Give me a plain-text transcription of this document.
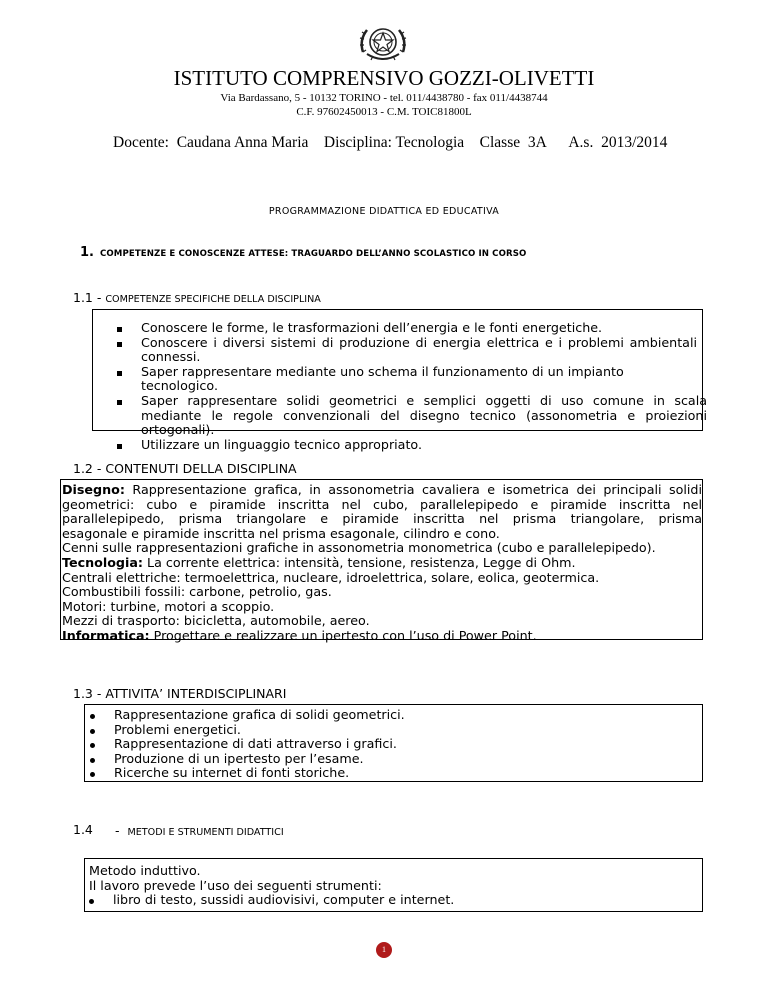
ISTITUTO COMPRENSIVO GOZZI-OLIVETTI
Via Bardassano, 5 - 10132 TORINO - tel. 011/4438780 - fax 011/4438744
C.F. 97602450013 - C.M. TOIC81800L
Docente:  Caudana Anna Maria    Disciplina: Tecnologia    Classe  3A      A.s.  2013/2014
PROGRAMMAZIONE DIDATTICA ED EDUCATIVA
1. COMPETENZE E CONOSCENZE ATTESE: TRAGUARDO DELL’ANNO SCOLASTICO IN CORSO
1.1 - COMPETENZE SPECIFICHE DELLA DISCIPLINA
Conoscere le forme, le trasformazioni dell’energia e le fonti energetiche.
Conoscere i diversi sistemi di produzione di energia elettrica e i problemi ambientali connessi.
Saper rappresentare mediante uno schema il funzionamento di un impianto tecnologico.
Saper rappresentare solidi geometrici e semplici oggetti di uso comune in scala mediante le regole convenzionali del disegno tecnico (assonometria e proiezioni ortogonali).
Utilizzare un linguaggio tecnico appropriato.
1.2 - CONTENUTI DELLA DISCIPLINA
Disegno: Rappresentazione grafica, in assonometria cavaliera e isometrica dei principali solidi
geometrici: cubo e piramide inscritta nel cubo, parallelepipedo e piramide inscritta nel
parallelepipedo, prisma triangolare e piramide inscritta nel prisma triangolare, prisma
esagonale e piramide inscritta nel prisma esagonale, cilindro e cono.
Cenni sulle rappresentazioni grafiche in assonometria monometrica (cubo e parallelepipedo).
Tecnologia: La corrente elettrica: intensità, tensione, resistenza, Legge di Ohm.
Centrali elettriche: termoelettrica, nucleare, idroelettrica, solare, eolica, geotermica.
Combustibili fossili: carbone, petrolio, gas.
Motori: turbine, motori a scoppio.
Mezzi di trasporto: bicicletta, automobile, aereo.
Informatica: Progettare e realizzare un ipertesto con l’uso di Power Point.
1.3 - ATTIVITA’ INTERDISCIPLINARI
Rappresentazione grafica di solidi geometrici.
Problemi energetici.
Rappresentazione di dati attraverso i grafici.
Produzione di un ipertesto per l’esame.
Ricerche su internet di fonti storiche.
1.4 - METODI E STRUMENTI DIDATTICI
Metodo induttivo.
Il lavoro prevede l’uso dei seguenti strumenti:
libro di testo, sussidi audiovisivi, computer e internet.
1
